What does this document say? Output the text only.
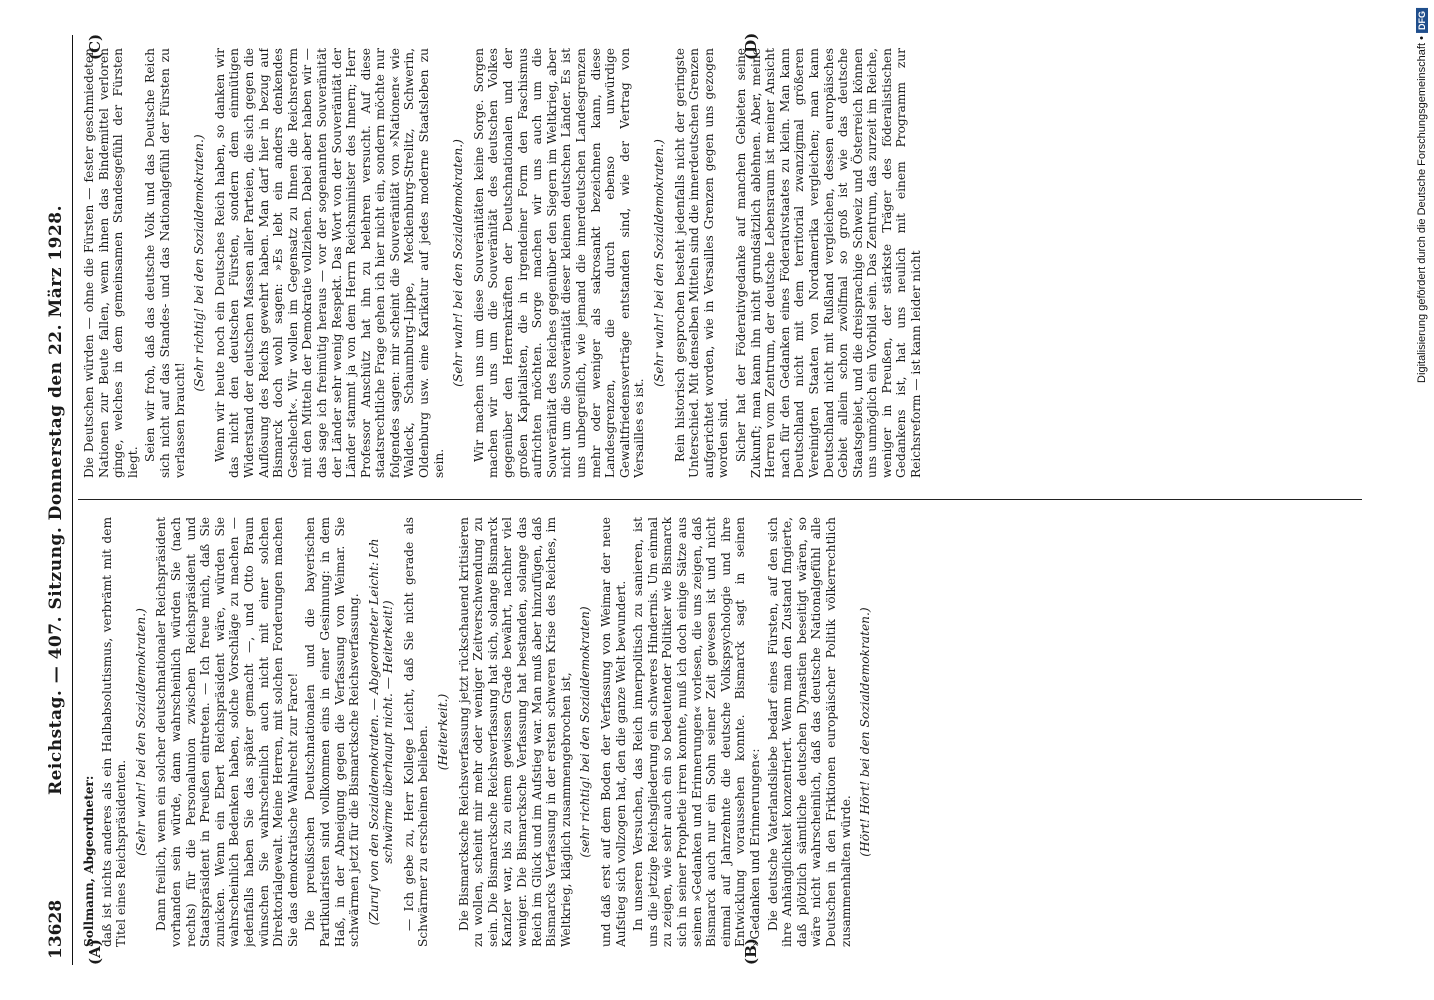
13628
Reichstag. — 407. Sitzung. Donnerstag den 22. März 1928.
(A)	(B)
(C)	(D)
Sollmann, Abgeordneter: daß ist nichts anderes als ein Halbabsolutismus, verbrämt mit dem Titel eines Reichspräsidenten. (Sehr wahr! bei den Sozialdemokraten.) Dann freilich, wenn ein solcher deutschnationaler Reichspräsident vorhanden sein würde, dann wahrscheinlich würden Sie (nach rechts) für die Personalunion zwischen Reichspräsident und Staatspräsident in Preußen eintreten. — Ich freue mich, daß Sie zunicken. Wenn ein Ebert Reichspräsident wäre, würden Sie wahrscheinlich Bedenken haben, solche Vorschläge zu machen — jedenfalls haben Sie das später gemacht —, und Otto Braun wünschen Sie wahrscheinlich auch nicht mit einer solchen Direktorialgewalt. Meine Herren, mit solchen Forderungen machen Sie das demokratische Wahlrecht zur Farce! Die preußischen Deutschnationalen und die bayerischen Partikularisten sind vollkommen eins in einer Gesinnung: in dem Haß, in der Abneigung gegen die Verfassung von Weimar. Sie schwärmen jetzt für die Bismarcksche Reichsverfassung. (Zuruf von den Sozialdemokraten. — Abgeordneter Leicht: Ich schwärme überhaupt nicht. — Heiterkeit!) — Ich gebe zu, Herr Kollege Leicht, daß Sie nicht gerade als Schwärmer zu erscheinen belieben. (Heiterkeit.) Die Bismarcksche Reichsverfassung jetzt rückschauend kritisieren zu wollen, scheint mir mehr oder weniger Zeitverschwendung zu sein. Die Bismarcksche Reichsverfassung hat sich, solange Bismarck Kanzler war, bis zu einem gewissen Grade bewährt, nachher viel weniger. Die Bismarcksche Verfassung hat bestanden, solange das Reich im Glück und im Aufstieg war. Man muß aber hinzufügen, daß Bismarcks Verfassung in der ersten schweren Krise des Reiches, im Weltkrieg, kläglich zusammengebrochen ist, (sehr richtig! bei den Sozialdemokraten) und daß erst auf dem Boden der Verfassung von Weimar der neue Aufstieg sich vollzogen hat, den die ganze Welt bewundert. In unseren Versuchen, das Reich innerpolitisch zu sanieren, ist uns die jetzige Reichsgliederung ein schweres Hindernis. Um einmal zu zeigen, wie sehr auch ein so bedeutender Politiker wie Bismarck sich in seiner Prophetie irren konnte, muß ich doch einige Sätze aus seinen »Gedanken und Erinnerungen« vorlesen, die uns zeigen, daß Bismarck auch nur ein Sohn seiner Zeit gewesen ist und nicht einmal auf Jahrzehnte die deutsche Volkspsychologie und ihre Entwicklung voraussehen konnte. Bismarck sagt in seinen »Gedanken und Erinnerungen«: Die deutsche Vaterlandsliebe bedarf eines Fürsten, auf den sich ihre Anhänglichkeit konzentriert. Wenn man den Zustand fingierte, daß plötzlich sämtliche deutschen Dynastien beseitigt wären, so wäre nicht wahrscheinlich, daß das deutsche Nationalgefühl alle Deutschen in den Friktionen europäischer Politik völkerrechtlich zusammenhalten würde.
(Hört! Hört! bei den Sozialdemokraten.)
Die Deutschen würden — ohne die Fürsten — fester geschmiedeten Nationen zur Beute fallen, wenn ihnen das Bindemittel verloren ginge, welches in dem gemeinsamen Standesgefühl der Fürsten liegt.
Seien wir froh, daß das deutsche Volk und das Deutsche Reich sich nicht auf das Standes- und das Nationalgefühl der Fürsten zu verlassen braucht!
(Sehr richtig! bei den Sozialdemokraten.) Wenn wir heute noch ein Deutsches Reich haben, so danken wir das nicht den deutschen Fürsten, sondern dem einmütigen Widerstand der deutschen Massen aller Parteien, die sich gegen die Auflösung des Reichs gewehrt haben. Man darf hier in bezug auf Bismarck doch wohl sagen: »Es lebt ein anders denkendes Geschlecht«. Wir wollen im Gegensatz zu Ihnen die Reichsreform mit den Mitteln der Demokratie vollziehen. Dabei aber haben wir — das sage ich freimütig heraus — vor der sogenannten Souveränität der Länder sehr wenig Respekt. Das Wort von der Souveränität der Länder stammt ja von dem Herrn Reichsminister des Innern; Herr Professor Anschütz hat ihn zu belehren versucht. Auf diese staatsrechtliche Frage gehen ich hier nicht ein, sondern möchte nur folgendes sagen: mir scheint die Souveränität von »Nationen« wie Waldeck, Schaumburg-Lippe, Mecklenburg-Strelitz, Schwerin, Oldenburg usw. eine Karikatur auf jedes moderne Staatsleben zu sein.
(Sehr wahr! bei den Sozialdemokraten.) Wir machen uns um diese Souveränitäten keine Sorge. Sorgen machen wir uns um die Souveränität des deutschen Volkes gegenüber den Herrenkräften der Deutschnationalen und der großen Kapitalisten, die in irgendeiner Form den Faschismus aufrichten möchten. Sorge machen wir uns auch um die Souveränität des Reiches gegenüber den Siegern im Weltkrieg, aber nicht um die Souveränität dieser kleinen deutschen Länder. Es ist uns unbegreiflich, wie jemand die innerdeutschen Landesgrenzen mehr oder weniger als sakrosankt bezeichnen kann, diese Landesgrenzen, die durch ebenso unwürdige Gewaltfriedensverträge entstanden sind, wie der Vertrag von Versailles es ist.
(Sehr wahr! bei den Sozialdemokraten.) Rein historisch gesprochen besteht jedenfalls nicht der geringste Unterschied. Mit denselben Mitteln sind die innerdeutschen Grenzen aufgerichtet worden, wie in Versailles Grenzen gegen uns gezogen worden sind. Sicher hat der Föderativgedanke auf manchen Gebieten seine Zukunft; man kann ihn nicht grundsätzlich ablehnen. Aber, meine Herren vom Zentrum, der deutsche Lebensraum ist meiner Ansicht nach für den Gedanken eines Föderativstaates zu klein. Man kann Deutschland nicht mit dem territorial zwanzigmal größeren Vereinigten Staaten von Nordamerika vergleichen; man kann Deutschland nicht mit Rußland vergleichen, dessen europäisches Gebiet allein schon zwölfmal so groß ist wie das deutsche Staatsgebiet, und die dreisprachige Schweiz und Österreich können uns unmöglich ein Vorbild sein. Das Zentrum, das zurzeit im Reiche, weniger in Preußen, der stärkste Träger des föderalistischen Gedankens ist, hat uns neulich mit einem Programm zur Reichsreform — ist kann leider nicht	Digitalisierung gefördert durch die Deutsche Forschungsgemeinschaft • DFG
